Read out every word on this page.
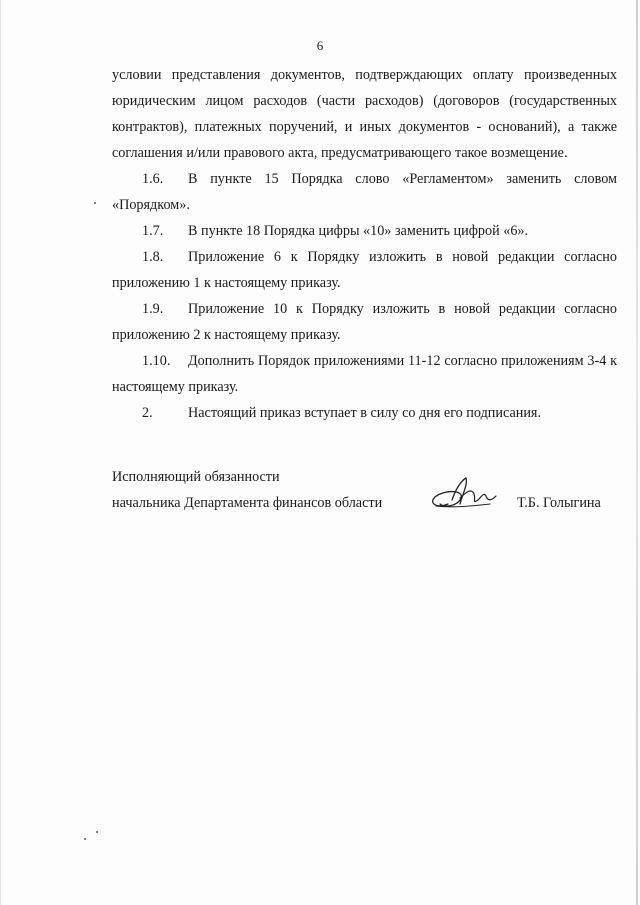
6

условии представления документов, подтверждающих оплату произведенных

юридическим лицом расходов (части расходов) (договоров (государственных

контрактов), платежных поручений, и иных документов - оснований), а также

соглашения и/или правового акта, предусматривающего такое возмещение.

1.6. В пункте 15 Порядка слово «Регламентом» заменить словом «Порядком».

1.7. В пункте 18 Порядка цифры «10» заменить цифрой «6».

1.8. Приложение 6 к Порядку изложить в новой редакции согласно приложению 1 к настоящему приказу.

1.9. Приложение 10 к Порядку изложить в новой редакции согласно приложению 2 к настоящему приказу.

1.10. Дополнить Порядок приложениями 11-12 согласно приложениям 3-4 к настоящему приказу.

2. Настоящий приказ вступает в силу со дня его подписания.

Исполняющий обязанности
начальника Департамента финансов области	Т.Б. Голыгина
